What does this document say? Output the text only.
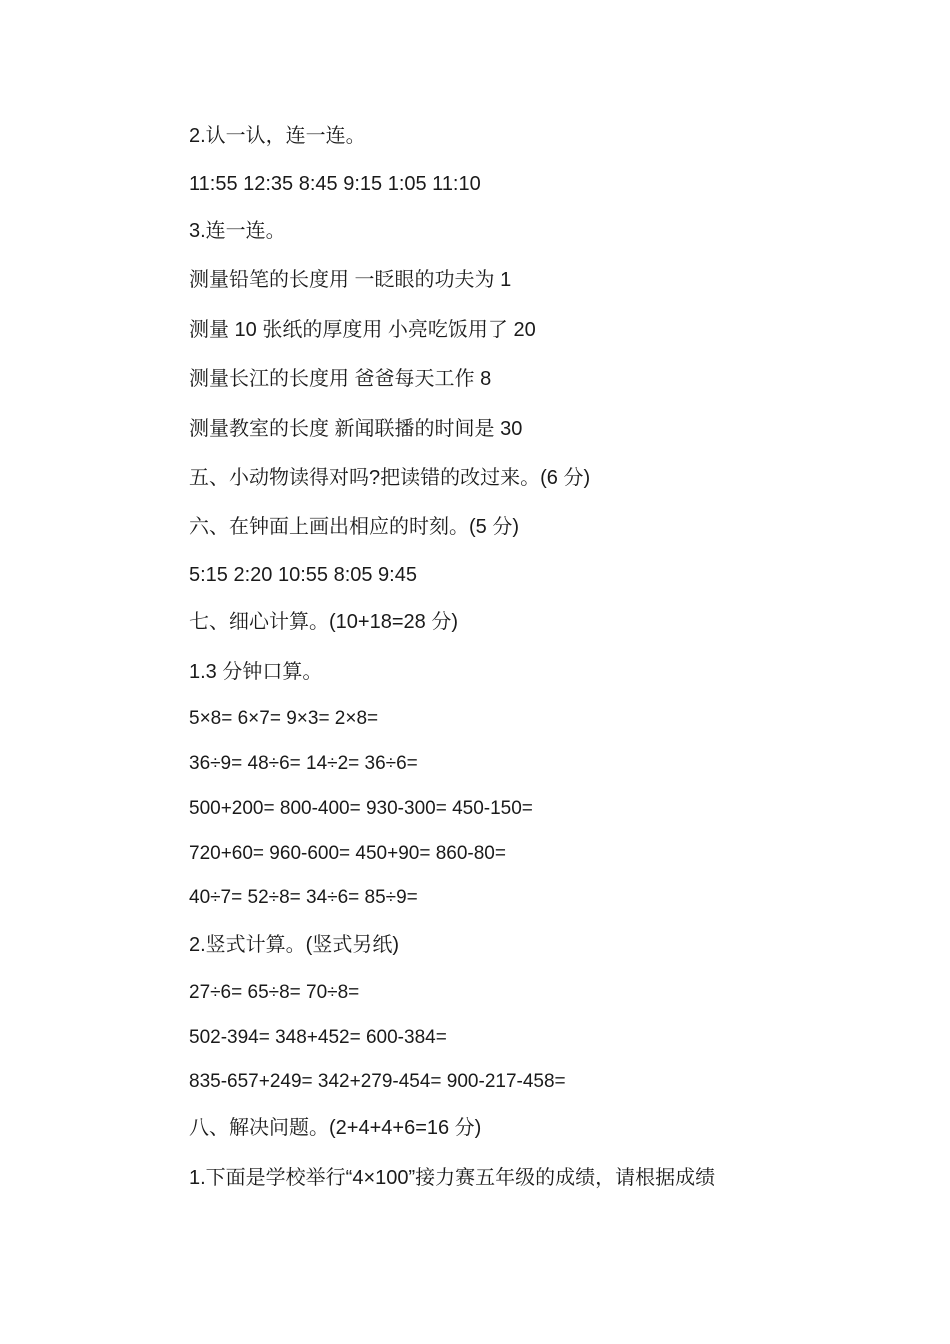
2.认一认，连一连。
11:55 12:35 8:45 9:15 1:05 11:10
3.连一连。
测量铅笔的长度用 一眨眼的功夫为 1
测量 10 张纸的厚度用 小亮吃饭用了 20
测量长江的长度用 爸爸每天工作 8
测量教室的长度 新闻联播的时间是 30
五、小动物读得对吗?把读错的改过来。(6 分)
六、在钟面上画出相应的时刻。(5 分)
5:15 2:20 10:55 8:05 9:45
七、细心计算。(10+18=28 分)
1.3 分钟口算。
5×8= 6×7= 9×3= 2×8=
36÷9= 48÷6= 14÷2= 36÷6=
500+200= 800-400= 930-300= 450-150=
720+60= 960-600= 450+90= 860-80=
40÷7= 52÷8= 34÷6= 85÷9=
2.竖式计算。(竖式另纸)
27÷6= 65÷8= 70÷8=
502-394= 348+452= 600-384=
835-657+249= 342+279-454= 900-217-458=
八、解决问题。(2+4+4+6=16 分)
1.下面是学校举行“4×100”接力赛五年级的成绩，请根据成绩
